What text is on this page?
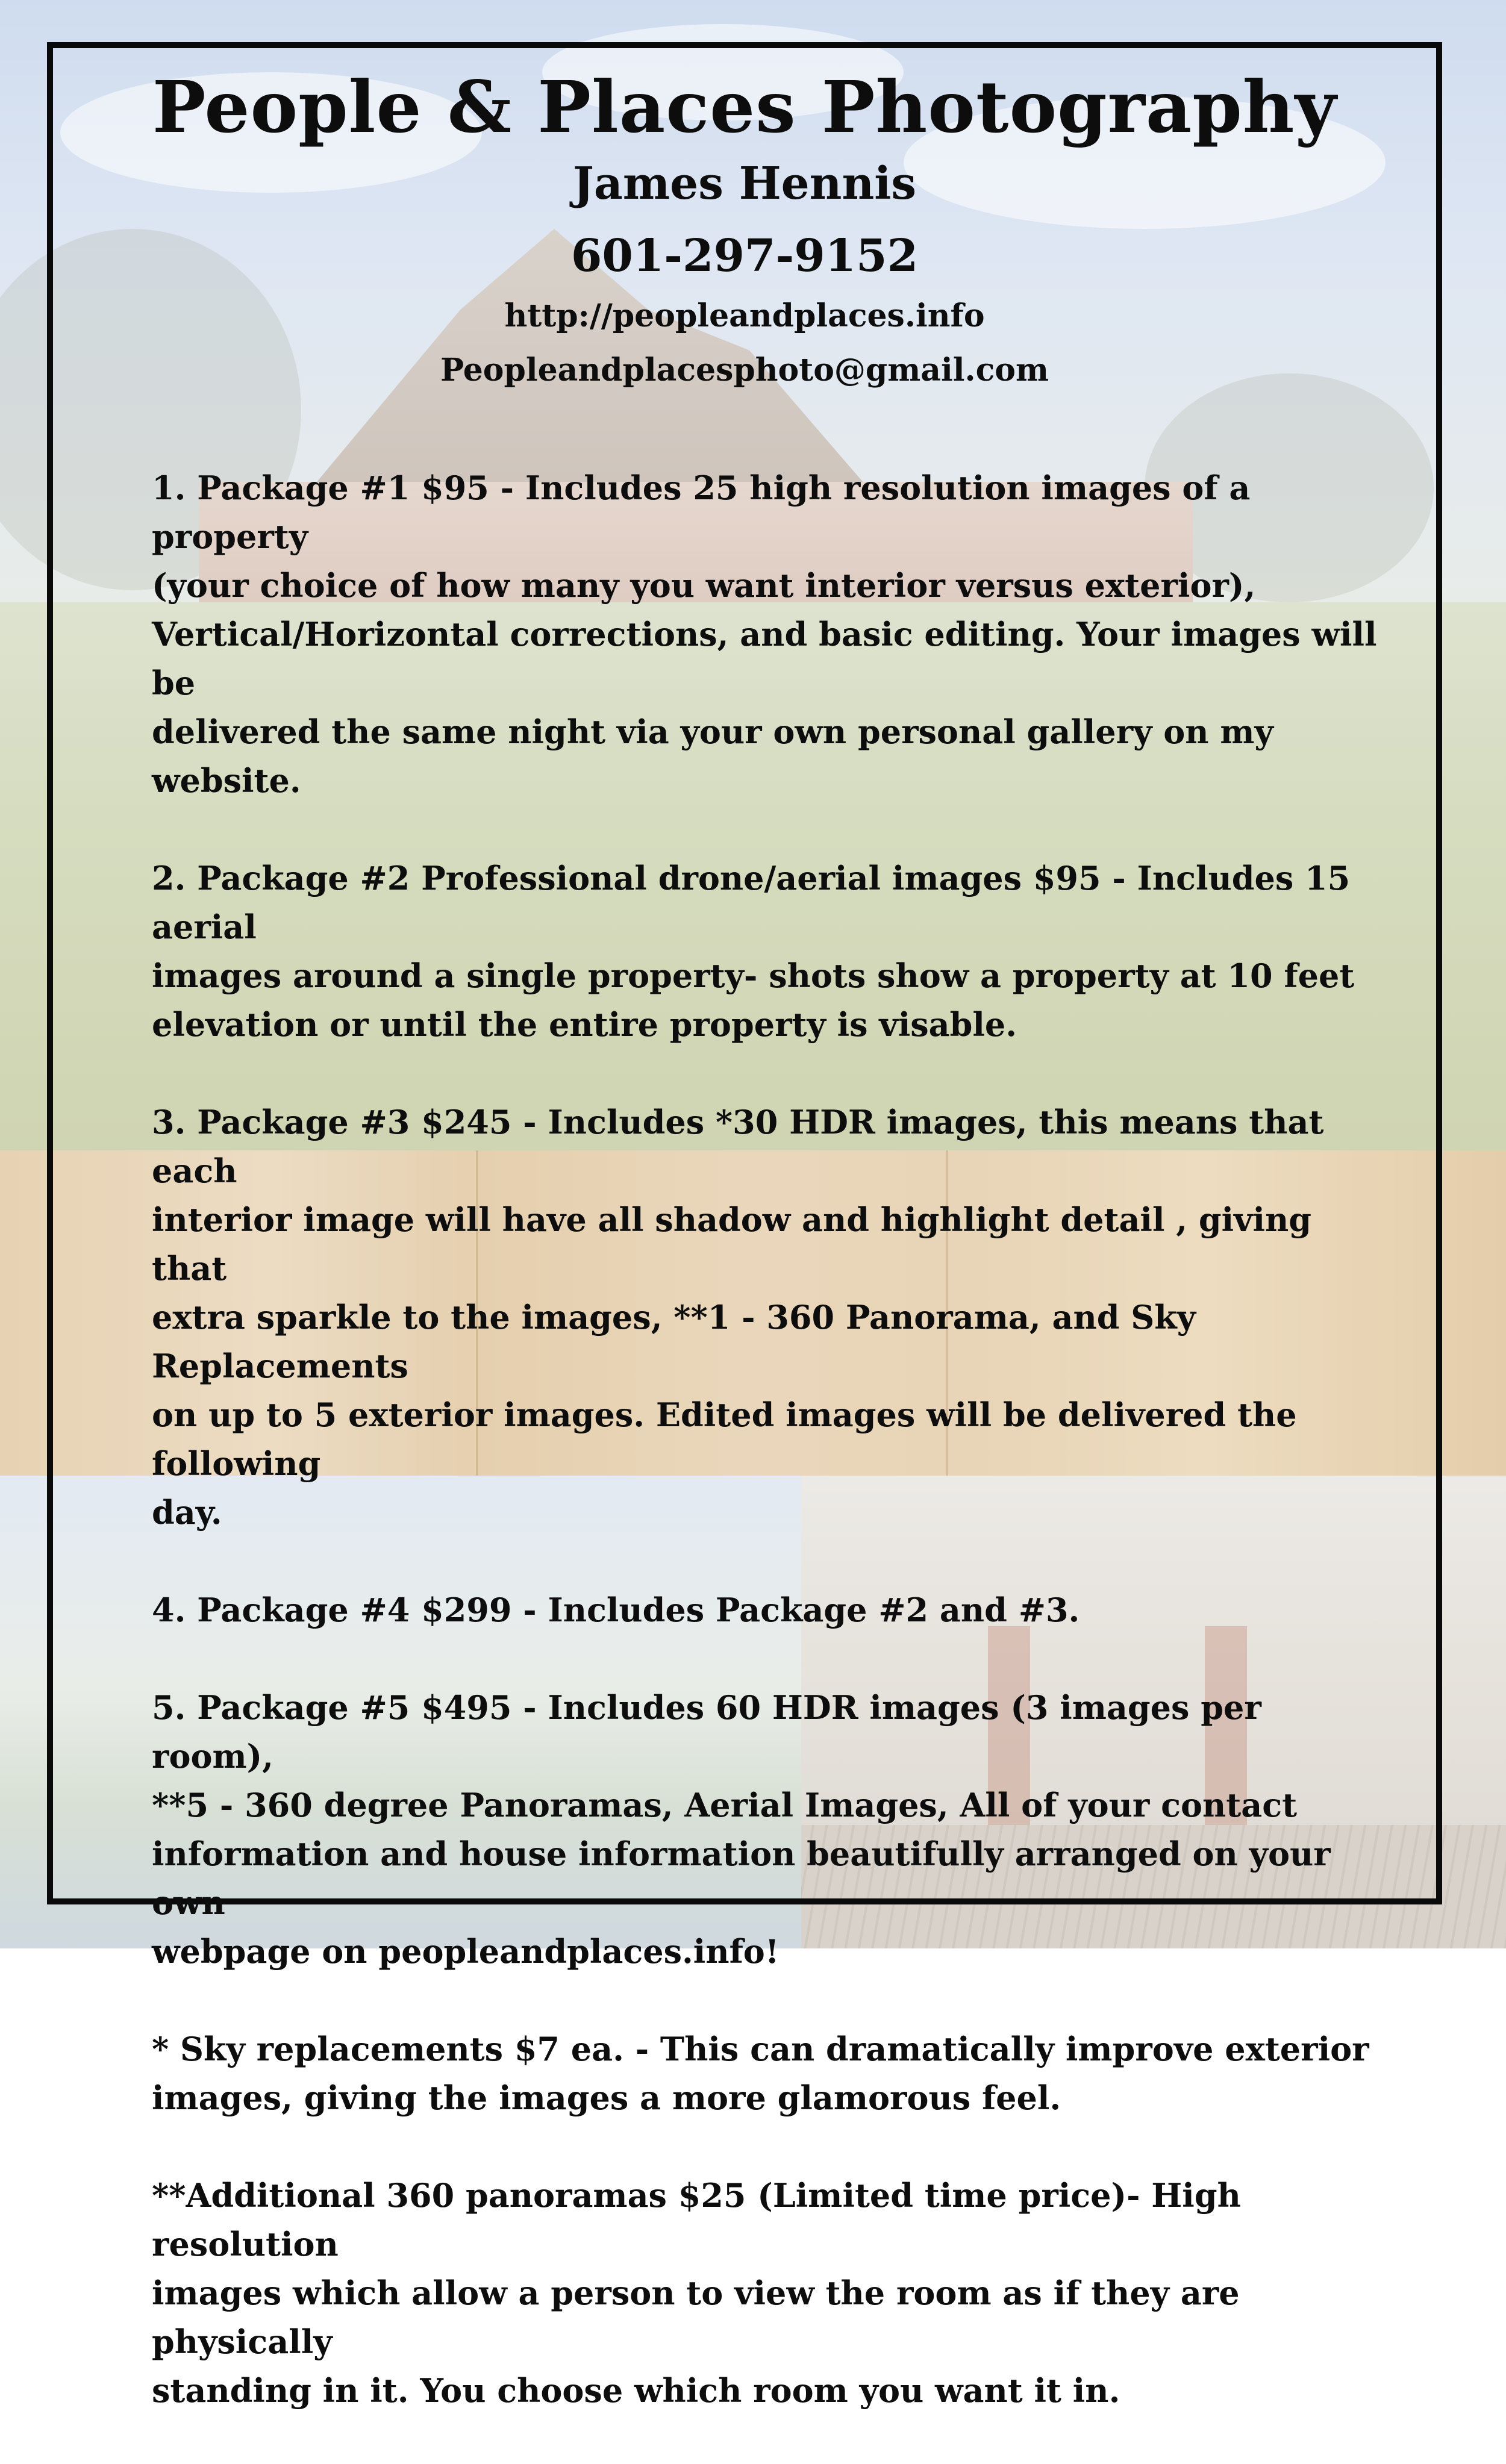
People & Places Photography
James Hennis
601-297-9152
http://peopleandplaces.info
Peopleandplacesphoto@gmail.com

1. Package #1 $95 - Includes 25 high resolution images of a property
(your choice of how many you want interior versus exterior),
Vertical/Horizontal corrections, and basic editing. Your images will be
delivered the same night via your own personal gallery on my website.

2. Package #2 Professional drone/aerial images $95 - Includes 15 aerial
images around a single property- shots show a property at 10 feet
elevation or until the entire property is visable.

3. Package #3 $245 - Includes *30 HDR images, this means that each
interior image will have all shadow and highlight detail , giving that
extra sparkle to the images, **1 - 360 Panorama, and Sky Replacements
on up to 5 exterior images. Edited images will be delivered the following
day.

4. Package #4 $299 - Includes Package #2 and #3.

5. Package #5 $495 - Includes 60 HDR images (3 images per room),
**5 - 360 degree Panoramas, Aerial Images, All of your contact
information and house information beautifully arranged on your own
webpage on peopleandplaces.info!

* Sky replacements $7 ea. - This can dramatically improve exterior
images, giving the images a more glamorous feel.

**Additional 360 panoramas $25 (Limited time price)- High resolution
images which allow a person to view the room as if they are physically
standing in it. You choose which room you want it in.
